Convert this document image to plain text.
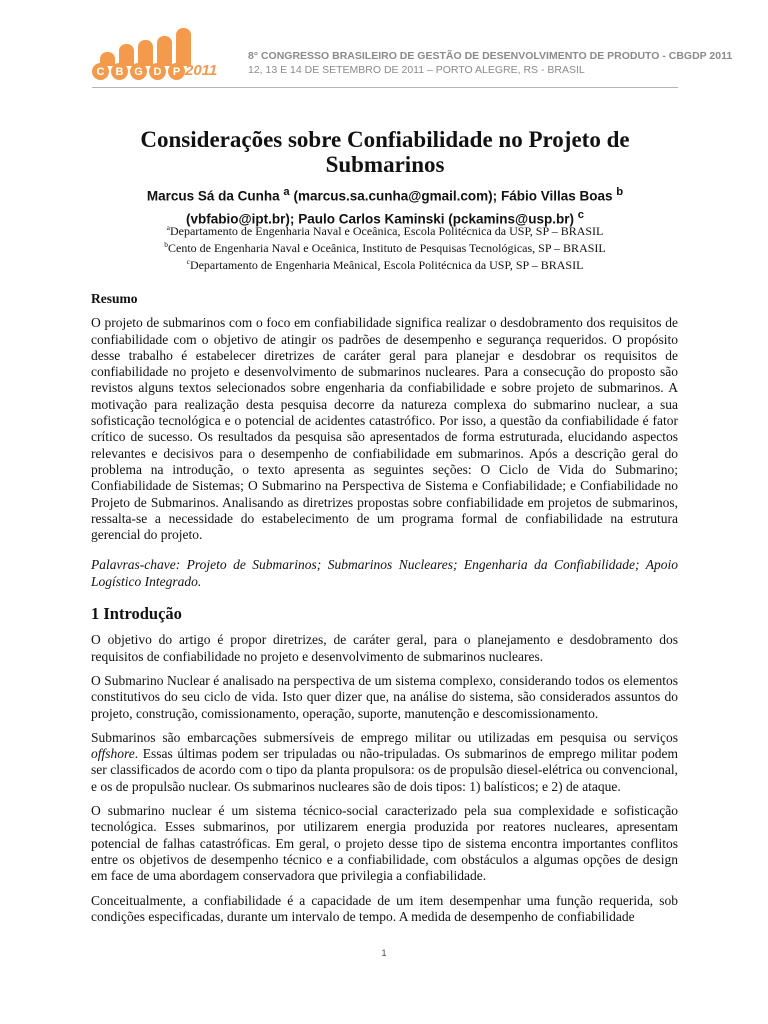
C	B G D	P 2011
8° CONGRESSO BRASILEIRO DE GESTÃO DE DESENVOLVIMENTO DE PRODUTO - CBGDP 2011
12, 13 E 14 DE SETEMBRO DE 2011 – PORTO ALEGRE, RS - BRASIL
Considerações sobre Confiabilidade no Projeto de Submarinos
Marcus Sá da Cunha $^a$ (marcus.sa.cunha@gmail.com); Fábio Villas Boas $^b$
(vbfabio@ipt.br); Paulo Carlos Kaminski (pckamins@usp.br) $^c$
$^a$Departamento de Engenharia Naval e Oceânica, Escola Politécnica da USP, SP – BRASIL
$^b$Cento de Engenharia Naval e Oceânica, Instituto de Pesquisas Tecnológicas, SP – BRASIL
$^c$Departamento de Engenharia Meânical, Escola Politécnica da USP, SP – BRASIL

Resumo

O projeto de submarinos com o foco em confiabilidade significa realizar o desdobramento dos requisitos de confiabilidade com o objetivo de atingir os padrões de desempenho e segurança requeridos. O propósito desse trabalho é estabelecer diretrizes de caráter geral para planejar e desdobrar os requisitos de confiabilidade no projeto e desenvolvimento de submarinos nucleares. Para a consecução do proposto são revistos alguns textos selecionados sobre engenharia da confiabilidade e sobre projeto de submarinos. A motivação para realização desta pesquisa decorre da natureza complexa do submarino nuclear, a sua sofisticação tecnológica e o potencial de acidentes catastrófico. Por isso, a questão da confiabilidade é fator crítico de sucesso. Os resultados da pesquisa são apresentados de forma estruturada, elucidando aspectos relevantes e decisivos para o desempenho de confiabilidade em submarinos. Após a descrição geral do problema na introdução, o texto apresenta as seguintes seções: O Ciclo de Vida do Submarino; Confiabilidade de Sistemas; O Submarino na Perspectiva de Sistema e Confiabilidade; e Confiabilidade no Projeto de Submarinos. Analisando as diretrizes propostas sobre confiabilidade em projetos de submarinos, ressalta-se a necessidade do estabelecimento de um programa formal de confiabilidade na estrutura gerencial do projeto.

Palavras-chave: Projeto de Submarinos; Submarinos Nucleares; Engenharia da Confiabilidade; Apoio Logístico Integrado.

1 Introdução

O objetivo do artigo é propor diretrizes, de caráter geral, para o planejamento e desdobramento dos requisitos de confiabilidade no projeto e desenvolvimento de submarinos nucleares.

O Submarino Nuclear é analisado na perspectiva de um sistema complexo, considerando todos os elementos constitutivos do seu ciclo de vida. Isto quer dizer que, na análise do sistema, são considerados assuntos do projeto, construção, comissionamento, operação, suporte, manutenção e descomissionamento.

Submarinos são embarcações submersíveis de emprego militar ou utilizadas em pesquisa ou serviços offshore. Essas últimas podem ser tripuladas ou não-tripuladas. Os submarinos de emprego militar podem ser classificados de acordo com o tipo da planta propulsora: os de propulsão diesel-elétrica ou convencional, e os de propulsão nuclear. Os submarinos nucleares são de dois tipos: 1) balísticos; e 2) de ataque.

O submarino nuclear é um sistema técnico-social caracterizado pela sua complexidade e sofisticação tecnológica. Esses submarinos, por utilizarem energia produzida por reatores nucleares, apresentam potencial de falhas catastróficas. Em geral, o projeto desse tipo de sistema encontra importantes conflitos entre os objetivos de desempenho técnico e a confiabilidade, com obstáculos a algumas opções de design em face de uma abordagem conservadora que privilegia a confiabilidade.

Conceitualmente, a confiabilidade é a capacidade de um item desempenhar uma função requerida, sob condições especificadas, durante um intervalo de tempo. A medida de desempenho de confiabilidade

1
